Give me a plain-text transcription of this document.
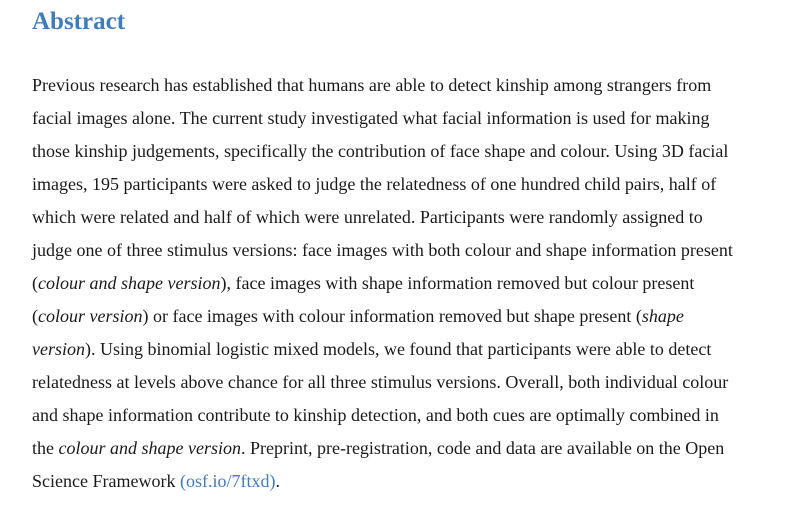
Abstract

Previous research has established that humans are able to detect kinship among strangers from
facial images alone. The current study investigated what facial information is used for making
those kinship judgements, specifically the contribution of face shape and colour. Using 3D facial
images, 195 participants were asked to judge the relatedness of one hundred child pairs, half of
which were related and half of which were unrelated. Participants were randomly assigned to
judge one of three stimulus versions: face images with both colour and shape information present
(colour and shape version), face images with shape information removed but colour present
(colour version) or face images with colour information removed but shape present (shape
version). Using binomial logistic mixed models, we found that participants were able to detect
relatedness at levels above chance for all three stimulus versions. Overall, both individual colour
and shape information contribute to kinship detection, and both cues are optimally combined in
the colour and shape version. Preprint, pre-registration, code and data are available on the Open
Science Framework (osf.io/7ftxd).
